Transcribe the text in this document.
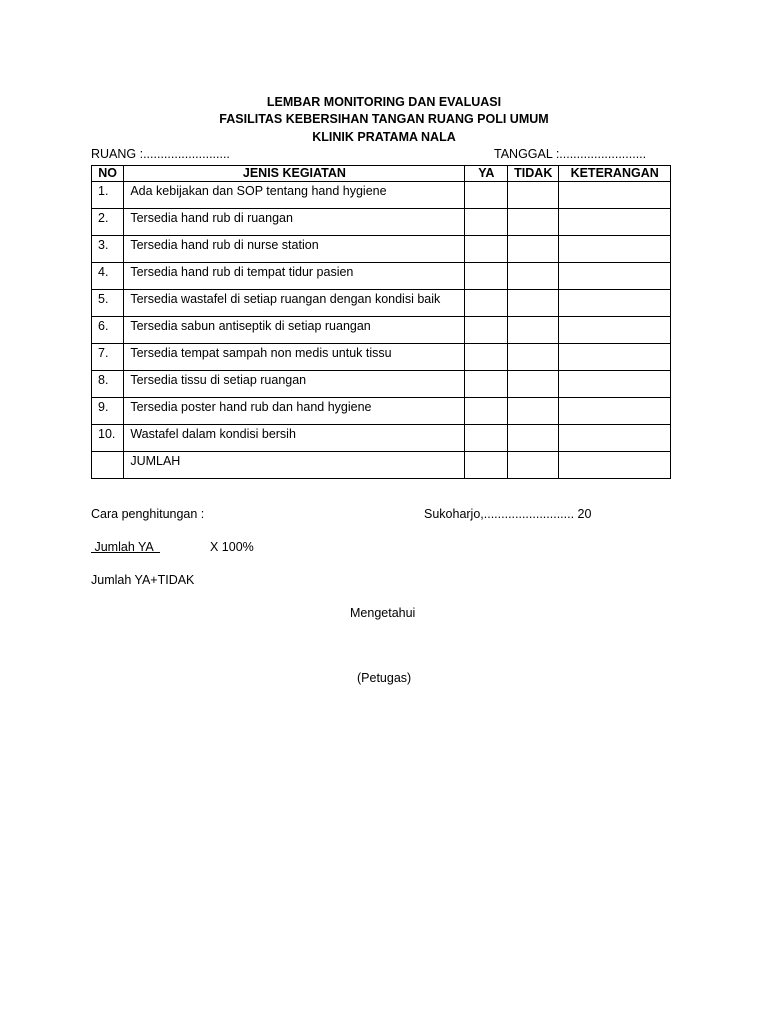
LEMBAR MONITORING DAN EVALUASI
FASILITAS KEBERSIHAN TANGAN RUANG POLI UMUM
KLINIK PRATAMA NALA
RUANG :.........................	TANGGAL :.........................
NO	JENIS KEGIATAN	YA	TIDAK	KETERANGAN
1.	Ada kebijakan dan SOP tentang hand hygiene			
2.	Tersedia hand rub di ruangan			
3.	Tersedia hand rub di nurse station			
4.	Tersedia hand rub di tempat tidur pasien			
5.	Tersedia wastafel di setiap ruangan dengan kondisi baik			
6.	Tersedia sabun antiseptik di setiap ruangan			
7.	Tersedia tempat sampah non medis untuk tissu			
8.	Tersedia tissu di setiap ruangan			
9.	Tersedia poster hand rub dan hand hygiene			
10.	Wastafel dalam kondisi bersih			
	JUMLAH			
Cara penghitungan :	Sukoharjo,.......................... 20
Jumlah YA	X 100%
Jumlah YA+TIDAK
Mengetahui
(Petugas)
